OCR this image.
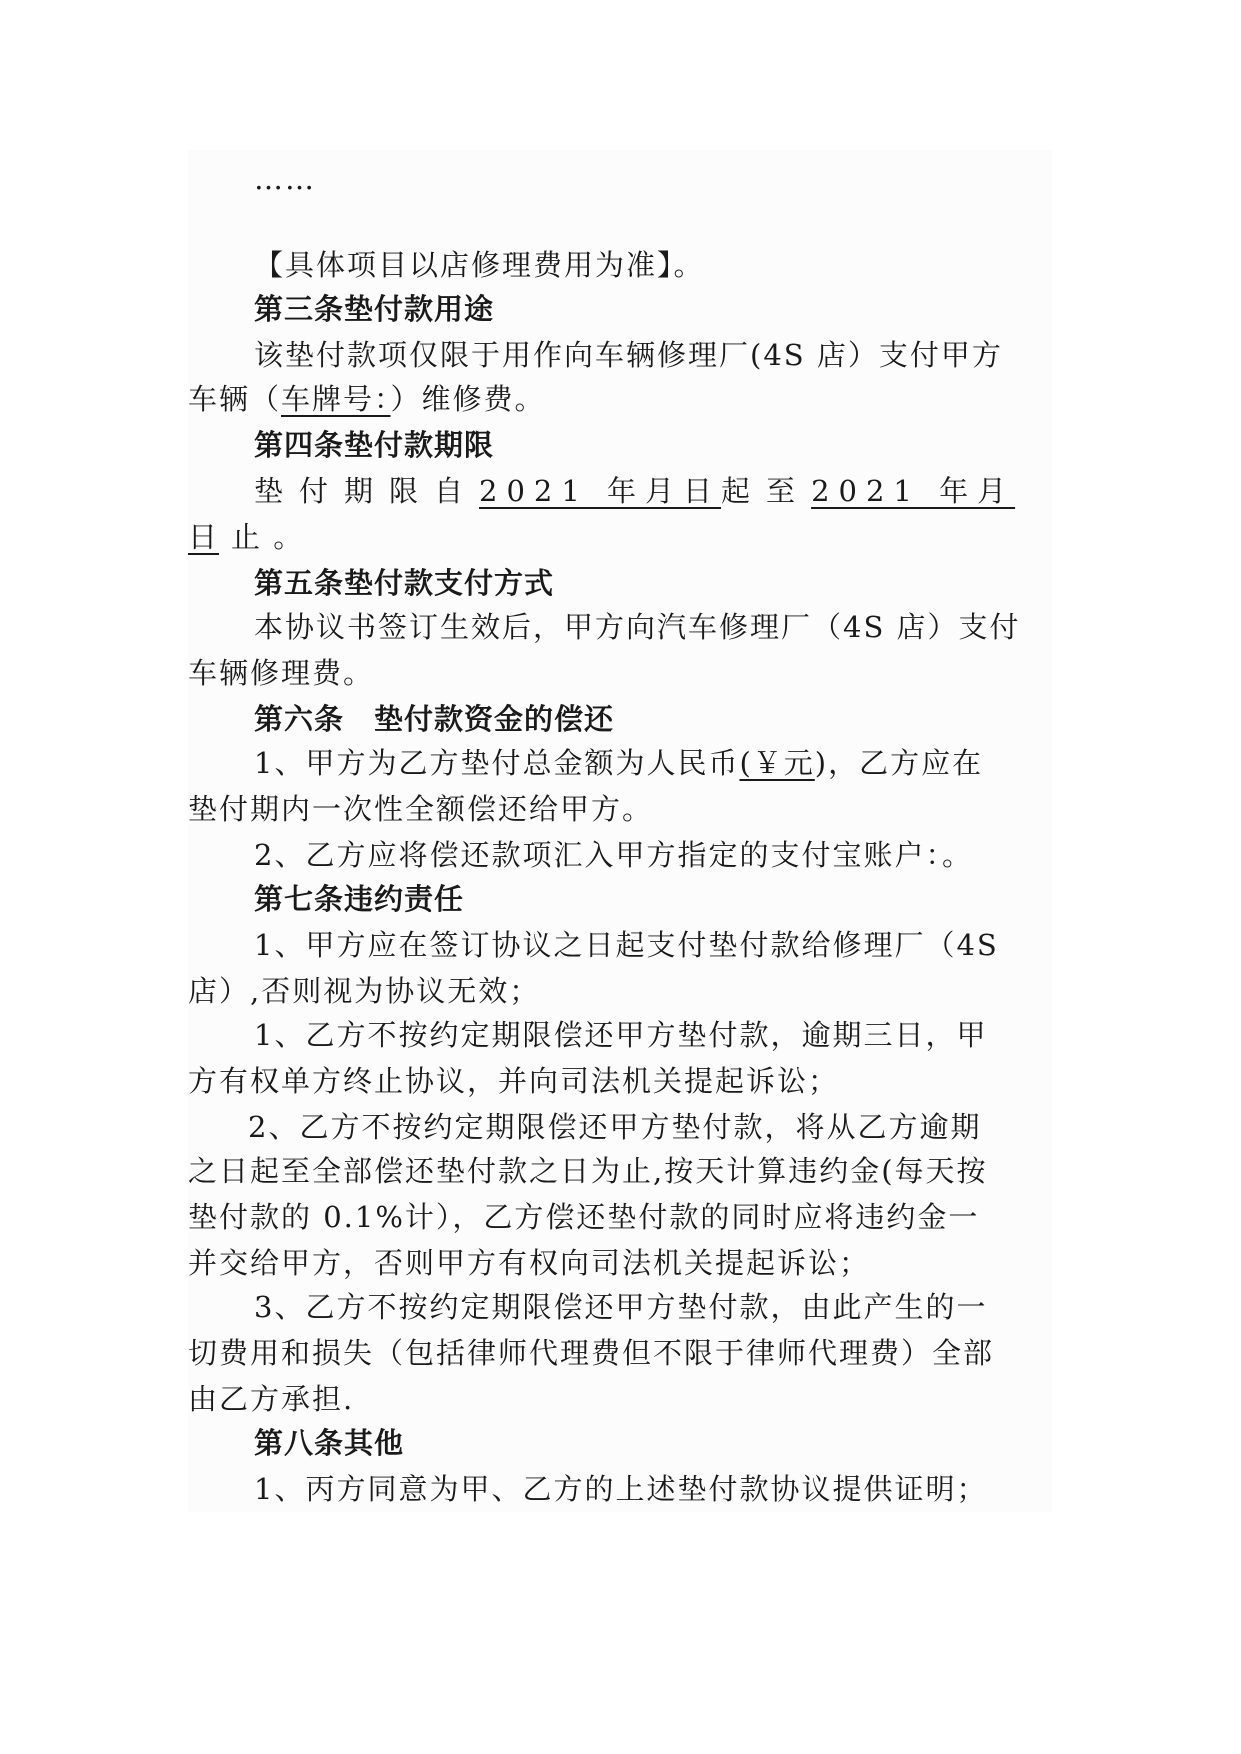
……
【具体项目以店修理费用为准】。
第三条垫付款用途
该垫付款项仅限于用作向车辆修理厂(4S 店）支付甲方
车辆（车牌号：）维修费。
第四条垫付款期限
垫付期限自2021 年月日起至2021 年月
日 止 。
第五条垫付款支付方式
本协议书签订生效后，甲方向汽车修理厂（4S 店）支付
车辆修理费。
第六条　垫付款资金的偿还
1、甲方为乙方垫付总金额为人民币(￥元)，乙方应在
垫付期内一次性全额偿还给甲方。
2、乙方应将偿还款项汇入甲方指定的支付宝账户：。
第七条违约责任
1、甲方应在签订协议之日起支付垫付款给修理厂（4S
店）,否则视为协议无效；
1、乙方不按约定期限偿还甲方垫付款，逾期三日，甲
方有权单方终止协议，并向司法机关提起诉讼；
2、乙方不按约定期限偿还甲方垫付款，将从乙方逾期
之日起至全部偿还垫付款之日为止,按天计算违约金(每天按
垫付款的 0.1%计），乙方偿还垫付款的同时应将违约金一
并交给甲方，否则甲方有权向司法机关提起诉讼；
3、乙方不按约定期限偿还甲方垫付款，由此产生的一
切费用和损失（包括律师代理费但不限于律师代理费）全部
由乙方承担.
第八条其他
1、丙方同意为甲、乙方的上述垫付款协议提供证明；
